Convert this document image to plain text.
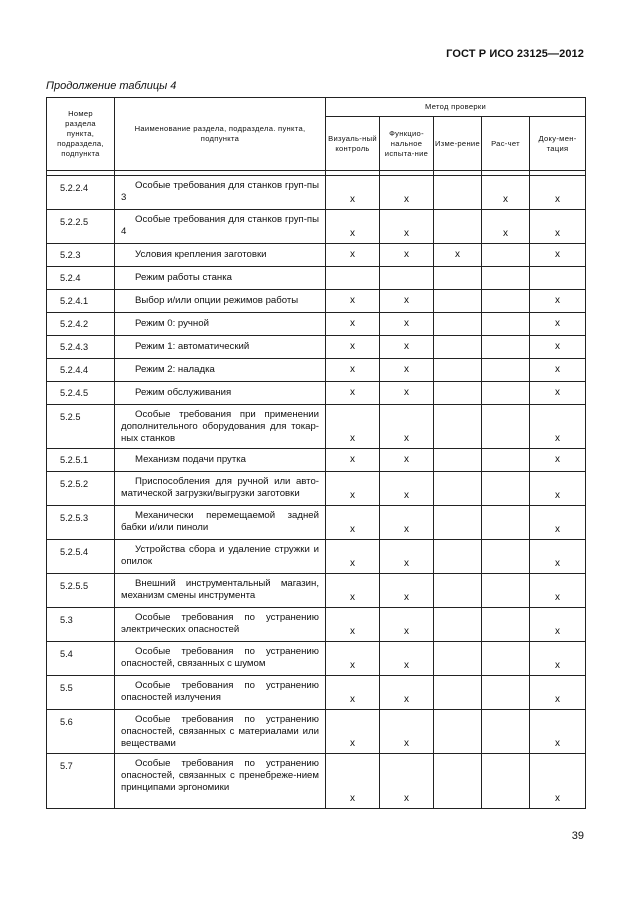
ГОСТ Р ИСО 23125—2012
Продолжение таблицы 4
Номер раздела пункта, подраздела, подпункта	Наименование раздела, подраздела. пункта, подпункта	Метод проверки				
		Визуаль-ный контроль	Функцио-нальное испыта-ние	Изме-рение	Рас-чет	Доку-мен-тация

5.2.2.4	Особые требования для станков груп-пы 3	х	х		х	х
5.2.2.5	Особые требования для станков груп-пы 4	х	х		х	х
5.2.3	Условия крепления заготовки	х	х	х		х
5.2.4	Режим работы станка					
5.2.4.1	Выбор и/или опции режимов работы	х	х			х
5.2.4.2	Режим 0: ручной	х	х			х
5.2.4.3	Режим 1: автоматический	х	х			х
5.2.4.4	Режим 2: наладка	х	х			х
5.2.4.5	Режим обслуживания	х	х			х
5.2.5	Особые требования при применении дополнительного оборудования для токар-ных станков	х	х			х
5.2.5.1	Механизм подачи прутка	х	х			х
5.2.5.2	Приспособления для ручной или авто-матической загрузки/выгрузки заготовки	х	х			х
5.2.5.3	Механически перемещаемой задней бабки и/или пиноли	х	х			х
5.2.5.4	Устройства сбора и удаление стружки и опилок	х	х			х
5.2.5.5	Внешний инструментальный магазин, механизм смены инструмента	х	х			х
5.3	Особые требования по устранению электрических опасностей	х	х			х
5.4	Особые требования по устранению опасностей, связанных с шумом	х	х			х
5.5	Особые требования по устранению опасностей излучения	х	х			х
5.6	Особые требования по устранению опасностей, связанных с материалами или веществами	х	х			х
5.7	Особые требования по устранению опасностей, связанных с пренебреже-нием принципами эргономики	х	х			х
39
